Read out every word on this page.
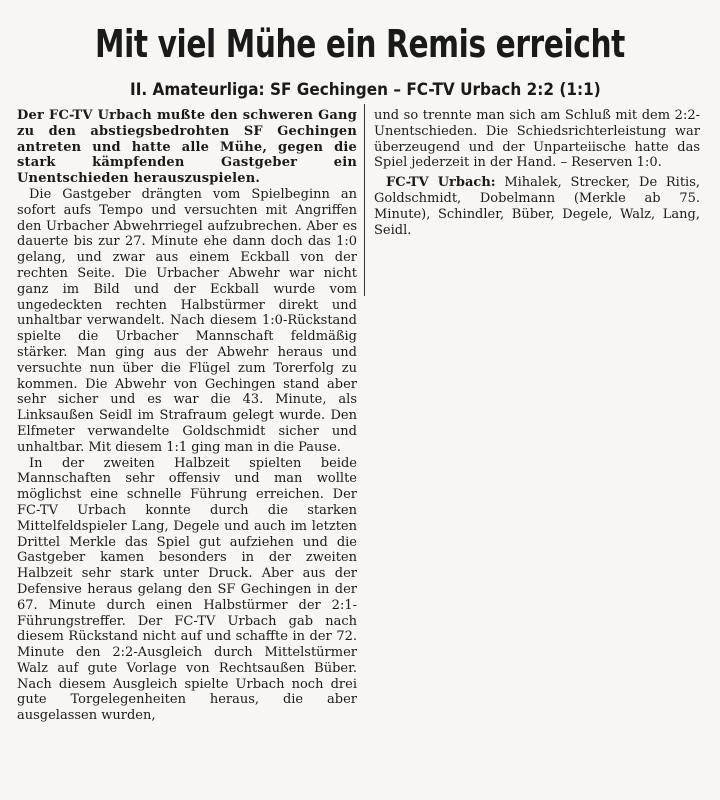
Mit viel Mühe ein Remis erreicht
II. Amateurliga: SF Gechingen – FC-TV Urbach 2:2 (1:1)

Der FC-TV Urbach mußte den schweren Gang zu den abstiegsbedrohten SF Gechingen antreten und hatte alle Mühe, gegen die stark kämpfenden Gastgeber ein Unentschieden herauszuspielen.

Die Gastgeber drängten vom Spielbeginn an sofort aufs Tempo und versuchten mit Angriffen den Urbacher Abwehrriegel aufzubrechen. Aber es dauerte bis zur 27. Minute ehe dann doch das 1:0 gelang, und zwar aus einem Eckball von der rechten Seite. Die Urbacher Abwehr war nicht ganz im Bild und der Eckball wurde vom ungedeckten rechten Halbstürmer direkt und unhaltbar verwandelt. Nach diesem 1:0-Rückstand spielte die Urbacher Mannschaft feldmäßig stärker. Man ging aus der Abwehr heraus und versuchte nun über die Flügel zum Torerfolg zu kommen. Die Abwehr von Gechingen stand aber sehr sicher und es war die 43. Minute, als Linksaußen Seidl im Strafraum gelegt wurde. Den Elfmeter verwandelte Goldschmidt sicher und unhaltbar. Mit diesem 1:1 ging man in die Pause.

In der zweiten Halbzeit spielten beide Mannschaften sehr offensiv und man wollte möglichst eine schnelle Führung erreichen. Der FC-TV Urbach konnte durch die starken Mittelfeldspieler Lang, Degele und auch im letzten Drittel Merkle das Spiel gut aufziehen und die Gastgeber kamen besonders in der zweiten Halbzeit sehr stark unter Druck. Aber aus der Defensive heraus gelang den SF Gechingen in der 67. Minute durch einen Halbstürmer der 2:1-Führungstreffer. Der FC-TV Urbach gab nach diesem Rückstand nicht auf und schaffte in der 72. Minute den 2:2-Ausgleich durch Mittelstürmer Walz auf gute Vorlage von Rechtsaußen Büber. Nach diesem Ausgleich spielte Urbach noch drei gute Torgelegenheiten heraus, die aber ausgelassen wurden,

und so trennte man sich am Schluß mit dem 2:2-Unentschieden. Die Schiedsrichterleistung war überzeugend und der Unparteiische hatte das Spiel jederzeit in der Hand. – Reserven 1:0.

FC-TV Urbach: Mihalek, Strecker, De Ritis, Goldschmidt, Dobelmann (Merkle ab 75. Minute), Schindler, Büber, Degele, Walz, Lang, Seidl.
